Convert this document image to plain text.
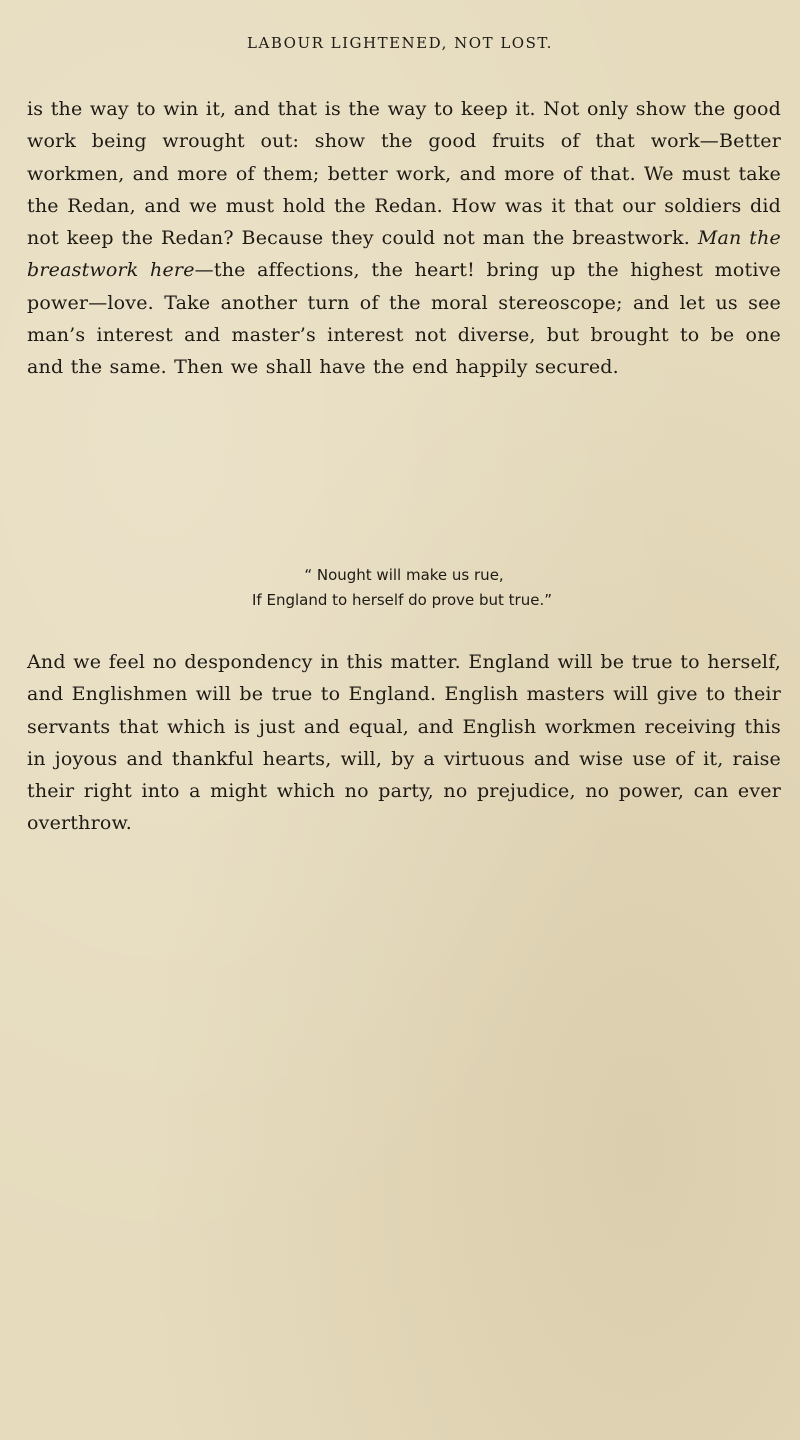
LABOUR LIGHTENED, NOT LOST.

is the way to win it, and that is the way to keep it. Not only show the good work being wrought out: show the good fruits of that work—Better workmen, and more of them; better work, and more of that. We must take the Redan, and we must hold the Redan. How was it that our soldiers did not keep the Redan? Because they could not man the breastwork. Man the breastwork here—the affections, the heart! bring up the highest motive power—love. Take another turn of the moral stereoscope; and let us see man’s interest and master’s interest not diverse, but brought to be one and the same. Then we shall have the end happily secured.

“ Nought will make us rue,
If England to herself do prove but true.”

And we feel no despondency in this matter. England will be true to herself, and Englishmen will be true to England. English masters will give to their servants that which is just and equal, and English workmen receiving this in joyous and thankful hearts, will, by a virtuous and wise use of it, raise their right into a might which no party, no prejudice, no power, can ever overthrow.
